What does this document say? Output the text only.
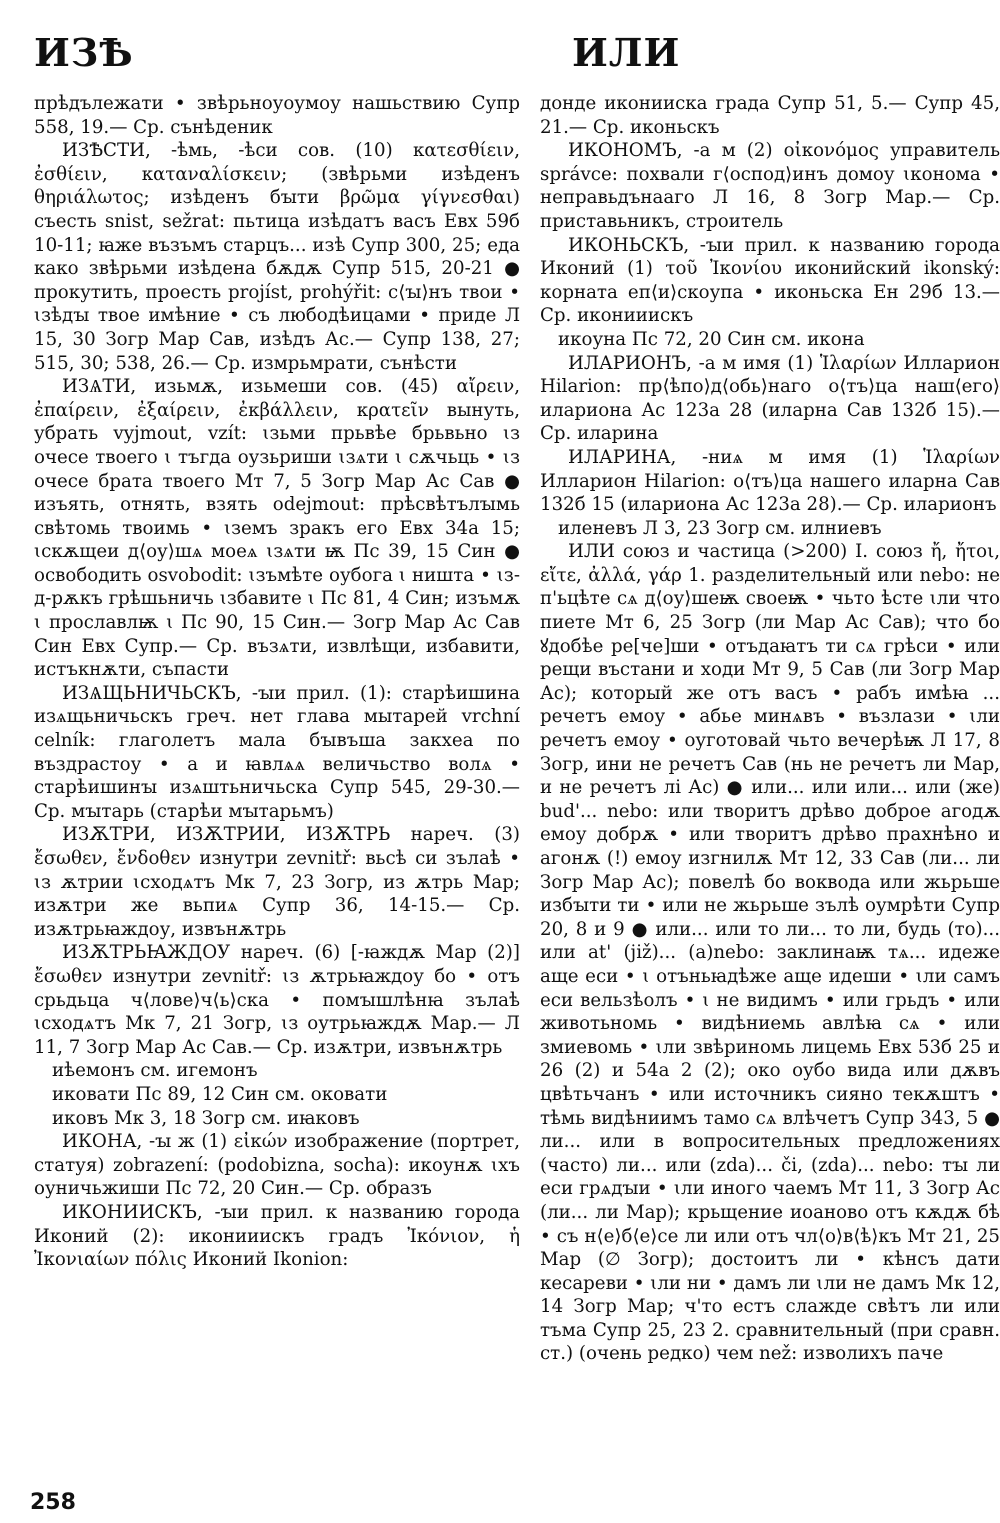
ИЗѢ	ИЛИ

прѣдълежати • звѣрьноуоумоу нашьствию Супр 558, 19.— Ср. сънѣденик

ИЗѢСТИ, -ѣмь, -ѣси сов. (10) κατεσθίειν, ἐσθίειν, καταναλίσκειν; (звѣрьми изѣденъ θηριάλωτος; изѣденъ бꙑти βρῶμα γίγνεσθαι) съесть snist, sežrat: пьтица изѣдатъ васъ Евх 59б 10-11; ꙗже възъмъ старцъ... изѣ Супр 300, 25; еда како звѣрьми изѣдена бѫдѫ Супр 515, 20-21 ● прокутить, проесть projíst, prohýřit: с⟨ꙑ⟩нъ твои • ꙇзѣдꙑ твое имѣние • съ любодѣицами • приде Л 15, 30 Зогр Мар Сав, изѣдъ Ас.— Супр 138, 27; 515, 30; 538, 26.— Ср. измрьмрати, сънѣсти

ИЗѦТИ, изьмѫ, изьмеши сов. (45) αἴρειν, ἐπαίρειν, ἐξαίρειν, ἐκβάλλειν, κρατεῖν вынуть, убрать vyjmout, vzít: ꙇзьми прьвѣе брьвьно ꙇз очесе твоего ꙇ тъгда оузьриши ꙇзѧти ꙇ сѫчьць • ꙇз очесе брата твоего Мт 7, 5 Зогр Мар Ас Сав ● изъять, отнять, взять odejmout: прѣсвѣтълꙑмь свѣтомь твоимь • ꙇземъ зракъ его Евх 34а 15; ꙇскѫщеи д⟨оу⟩шѧ моеѧ ꙇзѧти ѭ Пс 39, 15 Син ● освободить osvobodit: ꙇзъмѣте оубога ꙇ ништа • ꙇз-д-рѫкъ грѣшьничь ꙇзбавите ꙇ Пс 81, 4 Син; изъмѫ ꙇ прославлѭ ꙇ Пс 90, 15 Син.— Зогр Мар Ас Сав Син Евх Супр.— Ср. възѧти, извлѣщи, избавити, истъкнѫти, съпасти

ИЗѦЩЬНИЧЬСКЪ, -ꙑи прил. (1): старѣишина изѧщьничьскъ греч. нет глава мытарей vrchní celník: глаголетъ мала бꙑвъша закхеа по въздрастоу • а и ꙗвлѧѧ величьство волѧ • старѣишинꙑ изѧштьничьска Супр 545, 29-30.— Ср. мꙑтарь (старѣи мꙑтарьмъ)

ИЗѪТРИ, ИЗѪТРИИ, ИЗѪТРЬ нареч. (3) ἔσωθεν, ἔνδοθεν изнутри zevnitř: вьсѣ си зълаѣ • ꙇз ѫтрии ꙇсходѧтъ Мк 7, 23 Зогр, из ѫтрь Мар; изѫтри же вьпиѧ Супр 36, 14-15.— Ср. изѫтрьꙗждоу, извънѫтрь

ИЗѪТРЬꙖЖДОУ нареч. (6) [-ꙗждѫ Мар (2)] ἔσωθεν изнутри zevnitř: ꙇз ѫтрьꙗждоу бо • отъ срьдьца ч⟨лове⟩ч⟨ь⟩ска • помꙑшлѣнꙗ зълаѣ ꙇсходѧтъ Мк 7, 21 Зогр, ꙇз оутрьꙗждѫ Мар.— Л 11, 7 Зогр Мар Ас Сав.— Ср. изѫтри, извънѫтрь

иѣемонъ см. игемонъ

иковати Пс 89, 12 Син см. оковати

иковъ Мк 3, 18 Зогр см. иꙗковъ

ИКОНА, -ꙑ ж (1) εἰκών изображение (портрет, статуя) zobrazení: (podobizna, socha): икоунѫ ꙇхъ оуничьжиши Пс 72, 20 Син.— Ср. образъ

ИКОНИИСКЪ, -ꙑи прил. к названию города Иконий (2): иконииискъ градъ Ἰκόνιον, ἡ Ἰκονιαίων πόλις Иконий Ikonion:

донде иконииска града Супр 51, 5.— Супр 45, 21.— Ср. иконьскъ

ИКОНОМЪ, -а м (2) οἰκονόμος управитель správce: похвали г⟨оспод⟩инъ домоу ꙇконома • неправьдънааго Л 16, 8 Зогр Мар.— Ср. приставьникъ, строитель

ИКОНЬСКЪ, -ꙑи прил. к названию города Иконий (1) τοῦ Ἰκονίου иконийский ikonský: корната еп⟨и⟩скоупа • иконьска Ен 29б 13.— Ср. иконииискъ

икоуна Пс 72, 20 Син см. икона

ИЛАРИОНЪ, -а м имя (1) Ἱλαρίων Илларион Hilarion: пр⟨ѣпо⟩д⟨обь⟩наго о⟨тъ⟩ца наш⟨его⟩ иларионa Ас 123а 28 (иларна Сав 132б 15).— Ср. иларина

ИЛАРИНА, -ниѧ м имя (1) Ἱλαρίων Илларион Hilarion: о⟨тъ⟩ца нашего иларна Сав 132б 15 (иларионa Ас 123а 28).— Ср. иларионъ

иленевъ Л 3, 23 Зогр см. илниевъ

ИЛИ союз и частица (>200) I. союз ἤ, ἤτοι, εἴτε, ἀλλά, γάρ 1. разделительный или nebo: не п'ьцѣте сѧ д⟨оу⟩шеѭ своеѭ • чьто ѣсте ꙇли что пиете Мт 6, 25 Зогр (ли Мар Ас Сав); что бо ꙋдобѣе ре[че]ши • отъдаꙗтъ ти сѧ грѣси • или рещи въстани и ходи Мт 9, 5 Сав (ли Зогр Мар Ас); который же отъ васъ • рабъ имѣꙗ ... речетъ емоу • абье минѧвъ • възлази • ꙇли речетъ емоу • оуготовай чьто вечерѣѭ Л 17, 8 Зогр, ини не речетъ Сав (нь не речетъ ли Мар, и не речетъ лі Ас) ● или... или или... или (же) bud'... nebo: или творитъ дрѣво доброе агодѫ емоу добрѫ • или творитъ дрѣво прахнѣно и агонѫ (!) емоу изгнилѫ Мт 12, 33 Сав (ли... ли Зогр Мар Ас); повелѣ бо воквода или жьрьше избꙑти ти • или не жьрьше зълѣ оумрѣти Супр 20, 8 и 9 ● или... или то ли... то ли, будь (то)... или at' (již)... (a)nebo: заклинаѭ тѧ... идеже аще еси • ꙇ отъньꙗдѣже аще идеши • ꙇли самъ еси вельзѣолъ • ꙇ не видимъ • или грьдъ • или животьномь • видѣниемь авлѣꙗ сѧ • или змиевомь • ꙇли звѣриномь лицемь Евх 53б 25 и 26 (2) и 54а 2 (2); око оубо вида или дѫвъ цвѣтьчанъ • или источникъ сияно текѫштъ • тѣмь видѣниимъ тамо сѧ влѣчетъ Супр 343, 5 ● ли... или в вопросительных предложениях (часто) ли... или (zda)... či, (zda)... nebo: тꙑ ли еси грѧдꙑи • ꙇли иного чаемъ Мт 11, 3 Зогр Ас (ли... ли Мар); крьщение иоаново отъ кѫдѫ бѣ • съ н⟨е⟩б⟨е⟩се ли или отъ чл⟨о⟩в⟨ѣ⟩къ Мт 21, 25 Мар (∅ Зогр); достоитъ ли • кѣнсъ дати кесареви • ꙇли ни • дамъ ли ꙇли не дамъ Мк 12, 14 Зогр Мар; ч'то естъ слажде свѣтъ ли или тъма Супр 25, 23 2. сравнительный (при сравн. ст.) (очень редко) чем než: изволихъ паче

258
